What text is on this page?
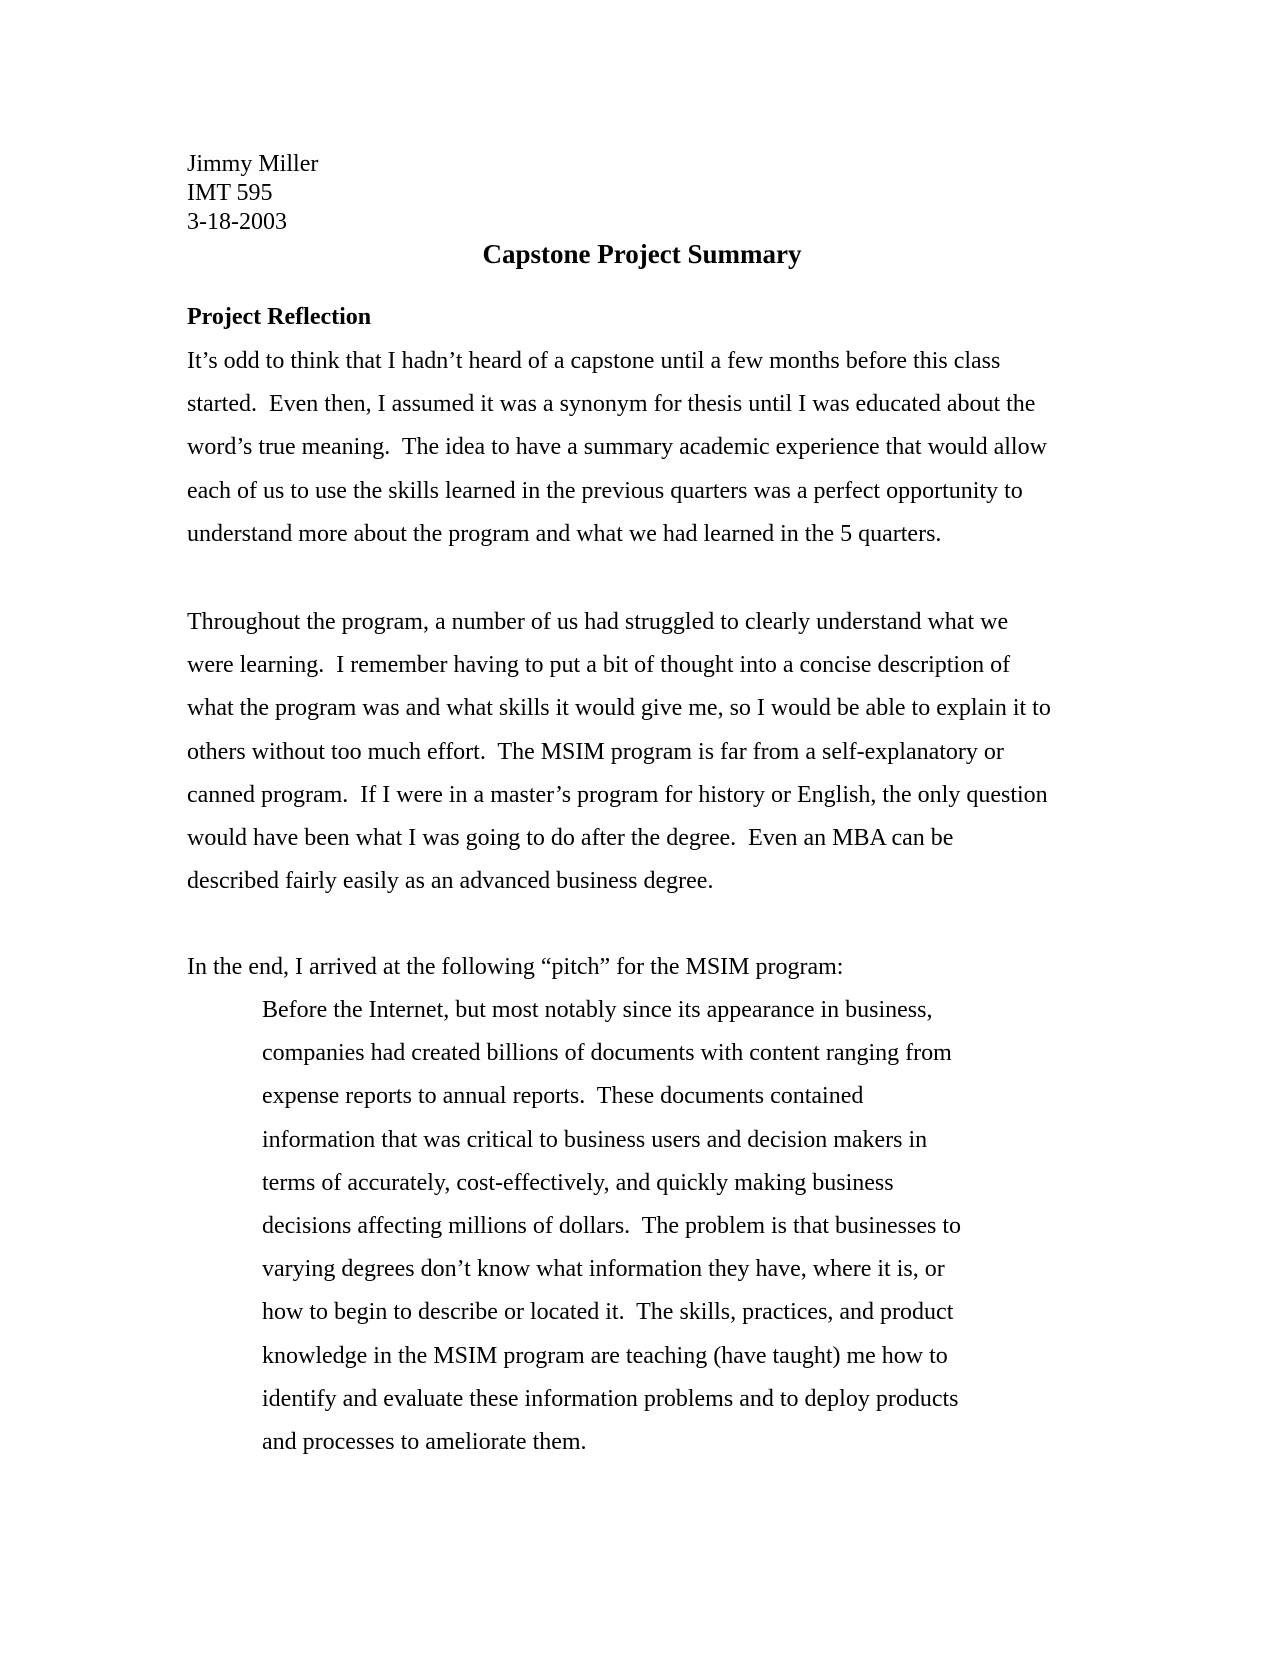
Jimmy Miller
IMT 595
3-18-2003
Capstone Project Summary
Project Reflection
It’s odd to think that I hadn’t heard of a capstone until a few months before this class
started.  Even then, I assumed it was a synonym for thesis until I was educated about the
word’s true meaning.  The idea to have a summary academic experience that would allow
each of us to use the skills learned in the previous quarters was a perfect opportunity to
understand more about the program and what we had learned in the 5 quarters.
Throughout the program, a number of us had struggled to clearly understand what we
were learning.  I remember having to put a bit of thought into a concise description of
what the program was and what skills it would give me, so I would be able to explain it to
others without too much effort.  The MSIM program is far from a self-explanatory or
canned program.  If I were in a master’s program for history or English, the only question
would have been what I was going to do after the degree.  Even an MBA can be
described fairly easily as an advanced business degree.
In the end, I arrived at the following “pitch” for the MSIM program:
Before the Internet, but most notably since its appearance in business,
companies had created billions of documents with content ranging from
expense reports to annual reports.  These documents contained
information that was critical to business users and decision makers in
terms of accurately, cost-effectively, and quickly making business
decisions affecting millions of dollars.  The problem is that businesses to
varying degrees don’t know what information they have, where it is, or
how to begin to describe or located it.  The skills, practices, and product
knowledge in the MSIM program are teaching (have taught) me how to
identify and evaluate these information problems and to deploy products
and processes to ameliorate them.
